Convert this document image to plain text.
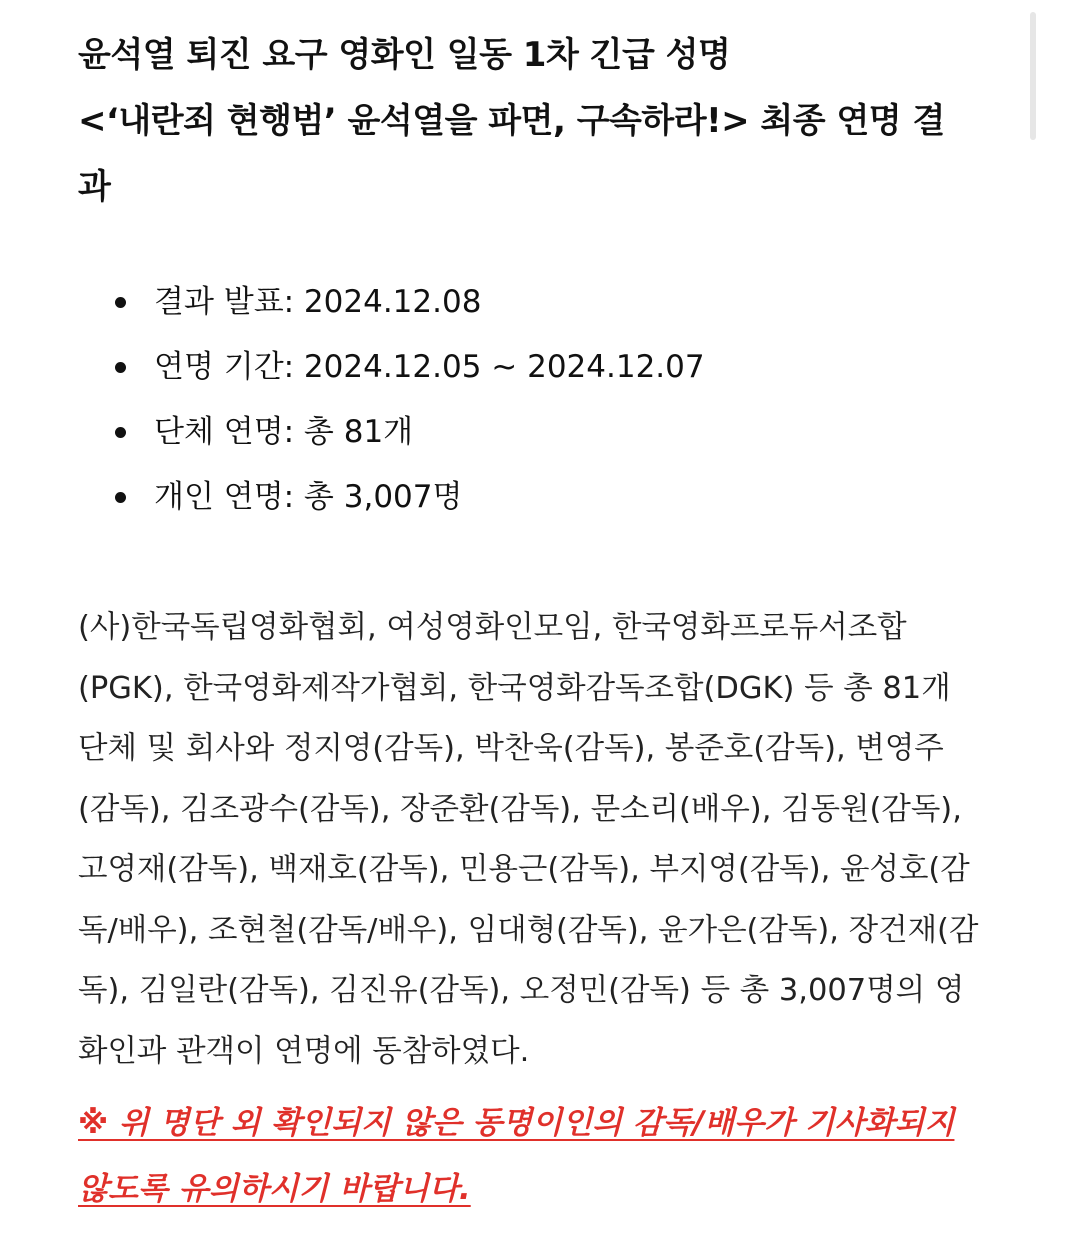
윤석열 퇴진 요구 영화인 일동 1차 긴급 성명
<‘내란죄 현행범’ 윤석열을 파면, 구속하라!> 최종 연명 결
과
결과 발표: 2024.12.08
연명 기간: 2024.12.05 ~ 2024.12.07
단체 연명: 총 81개
개인 연명: 총 3,007명
(사)한국독립영화협회, 여성영화인모임, 한국영화프로듀서조합
(PGK), 한국영화제작가협회, 한국영화감독조합(DGK) 등 총 81개
단체 및 회사와 정지영(감독), 박찬욱(감독), 봉준호(감독), 변영주
(감독), 김조광수(감독), 장준환(감독), 문소리(배우), 김동원(감독),
고영재(감독), 백재호(감독), 민용근(감독), 부지영(감독), 윤성호(감
독/배우), 조현철(감독/배우), 임대형(감독), 윤가은(감독), 장건재(감
독), 김일란(감독), 김진유(감독), 오정민(감독) 등 총 3,007명의 영
화인과 관객이 연명에 동참하였다.
※ 위 명단 외 확인되지 않은 동명이인의 감독/배우가 기사화되지
않도록 유의하시기 바랍니다.
